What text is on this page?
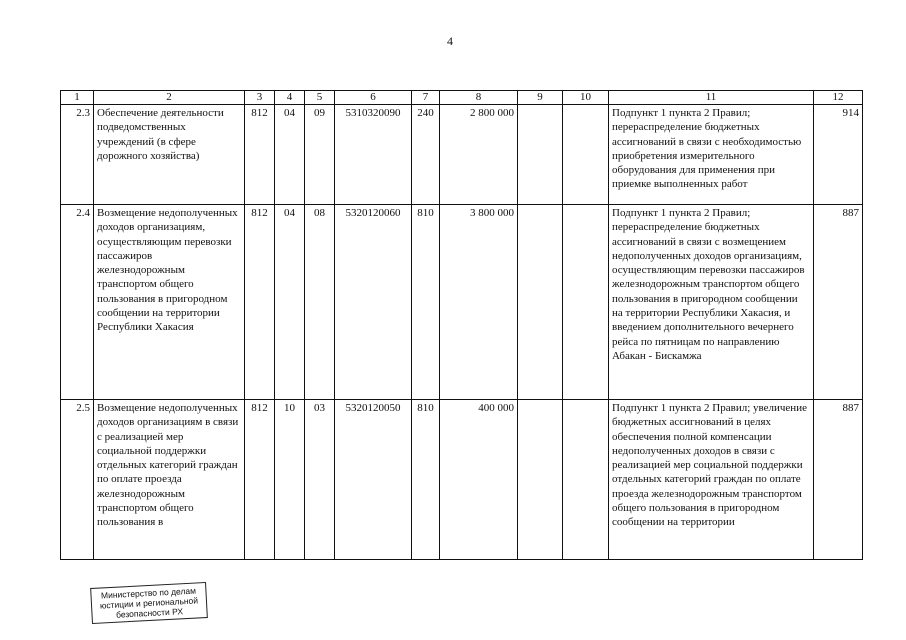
4
1	2	3	4	5	6	7	8	9	10	11	12
2.3	Обеспечение деятельности подведомственных учреждений (в сфере дорожного хозяйства)	812	04	09	5310320090	240	2 800 000			Подпункт 1 пункта 2 Правил; перераспределение бюджетных ассигнований в связи с необходимостью приобретения измерительного оборудования для применения при приемке выполненных работ	914
2.4	Возмещение недополученных доходов организациям, осуществляющим перевозки пассажиров железнодорожным транспортом общего пользования в пригородном сообщении на территории Республики Хакасия	812	04	08	5320120060	810	3 800 000			Подпункт 1 пункта 2 Правил; перераспределение бюджетных ассигнований в связи с возмещением недополученных доходов организациям, осуществляющим перевозки пассажиров железнодорожным транспортом общего пользования в пригородном сообщении на территории Республики Хакасия, и введением дополнительного вечернего рейса по пятницам по направлению Абакан - Бискамжа	887
2.5	Возмещение недополученных доходов организациям в связи с реализацией мер социальной поддержки отдельных категорий граждан по оплате проезда железнодорожным транспортом общего пользования в	812	10	03	5320120050	810	400 000			Подпункт 1 пункта 2 Правил; увеличение бюджетных ассигнований в целях обеспечения полной компенсации недополученных доходов в связи с реализацией мер социальной поддержки отдельных категорий граждан по оплате проезда железнодорожным транспортом общего пользования в пригородном сообщении на территории	887
Министерство по делам юстиции и региональной безопасности РХ
